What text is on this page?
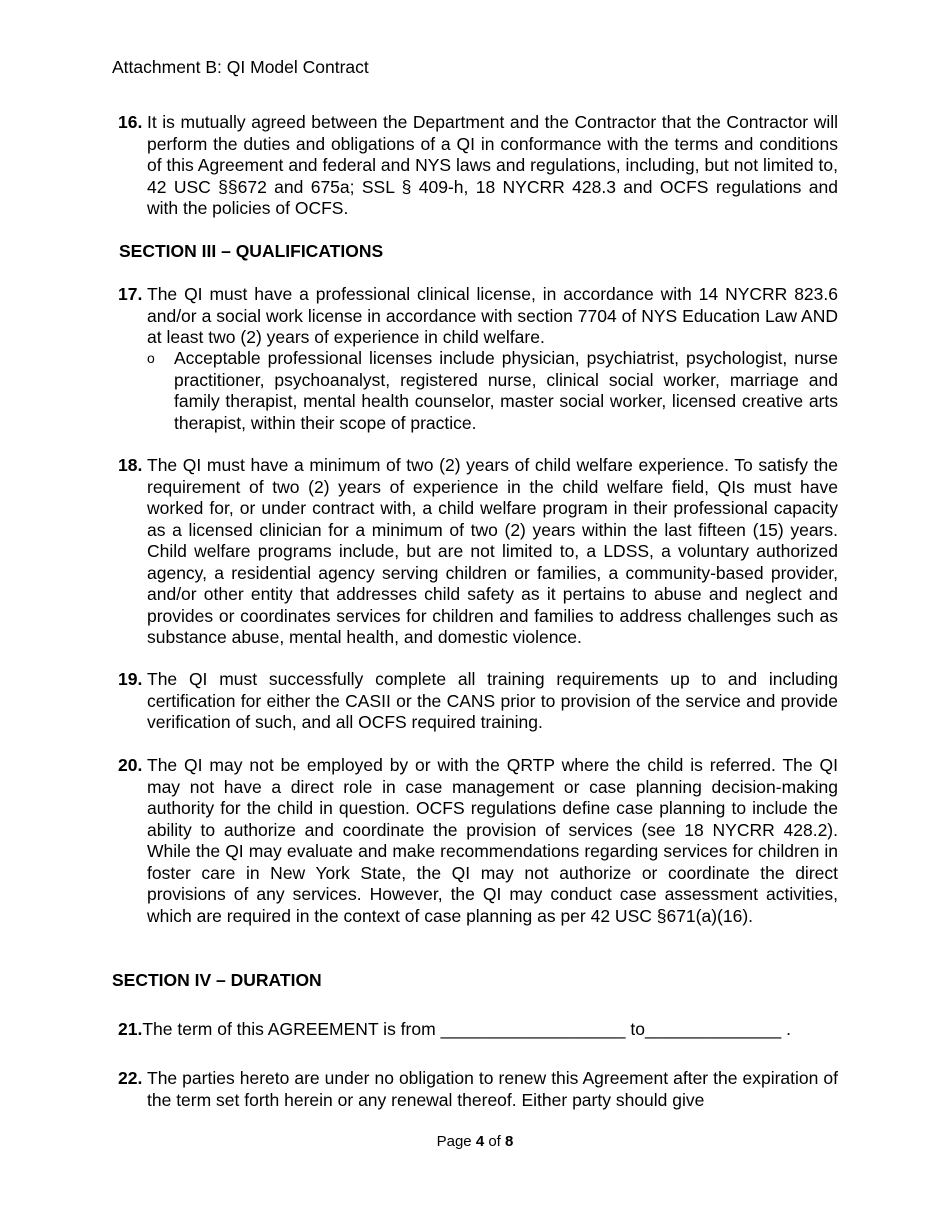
Attachment B: QI Model Contract
16. It is mutually agreed between the Department and the Contractor that the Contractor will perform the duties and obligations of a QI in conformance with the terms and conditions of this Agreement and federal and NYS laws and regulations, including, but not limited to, 42 USC §§672 and 675a; SSL § 409-h, 18 NYCRR 428.3 and OCFS regulations and with the policies of OCFS.
SECTION III – QUALIFICATIONS
17. The QI must have a professional clinical license, in accordance with 14 NYCRR 823.6 and/or a social work license in accordance with section 7704 of NYS Education Law AND at least two (2) years of experience in child welfare.
o Acceptable professional licenses include physician, psychiatrist, psychologist, nurse practitioner, psychoanalyst, registered nurse, clinical social worker, marriage and family therapist, mental health counselor, master social worker, licensed creative arts therapist, within their scope of practice.
18. The QI must have a minimum of two (2) years of child welfare experience. To satisfy the requirement of two (2) years of experience in the child welfare field, QIs must have worked for, or under contract with, a child welfare program in their professional capacity as a licensed clinician for a minimum of two (2) years within the last fifteen (15) years. Child welfare programs include, but are not limited to, a LDSS, a voluntary authorized agency, a residential agency serving children or families, a community-based provider, and/or other entity that addresses child safety as it pertains to abuse and neglect and provides or coordinates services for children and families to address challenges such as substance abuse, mental health, and domestic violence.
19. The QI must successfully complete all training requirements up to and including certification for either the CASII or the CANS prior to provision of the service and provide verification of such, and all OCFS required training.
20. The QI may not be employed by or with the QRTP where the child is referred. The QI may not have a direct role in case management or case planning decision-making authority for the child in question. OCFS regulations define case planning to include the ability to authorize and coordinate the provision of services (see 18 NYCRR 428.2). While the QI may evaluate and make recommendations regarding services for children in foster care in New York State, the QI may not authorize or coordinate the direct provisions of any services. However, the QI may conduct case assessment activities, which are required in the context of case planning as per 42 USC §671(a)(16).
SECTION IV – DURATION
21.The term of this AGREEMENT is from ___________________ to______________ .
22. The parties hereto are under no obligation to renew this Agreement after the expiration of the term set forth herein or any renewal thereof. Either party should give
Page 4 of 8
